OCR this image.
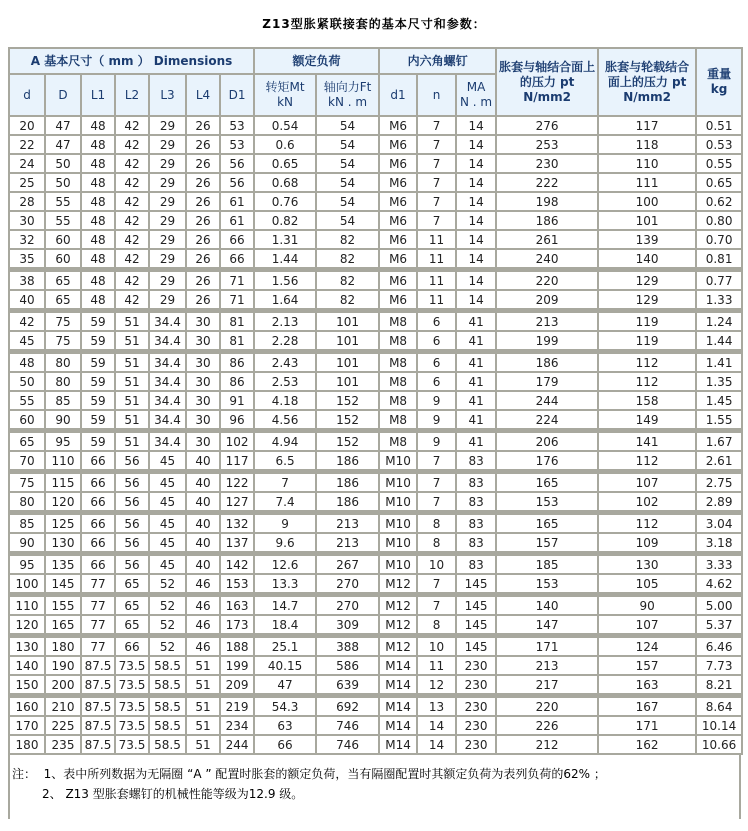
Z13型胀紧联接套的基本尺寸和参数：
A 基本尺寸（ mm ） Dimensions							额定负荷		内六角螺钉			胀套与轴结合面上
的压力 pt
N/mm2	胀套与轮载结合
面上的压力 pt
N/mm2	重量
kg

d	D	L1	L2	L3	L4	D1	转矩Mt
kN	轴向力Ft
kN . m	d1	n	MA
N . m			

20	47	48	42	29	26	53	0.54	54	M6	7	14	276	117	0.51
22	47	48	42	29	26	53	0.6	54	M6	7	14	253	118	0.53
24	50	48	42	29	26	56	0.65	54	M6	7	14	230	110	0.55
25	50	48	42	29	26	56	0.68	54	M6	7	14	222	111	0.65
28	55	48	42	29	26	61	0.76	54	M6	7	14	198	100	0.62
30	55	48	42	29	26	61	0.82	54	M6	7	14	186	101	0.80
32	60	48	42	29	26	66	1.31	82	M6	11	14	261	139	0.70
35	60	48	42	29	26	66	1.44	82	M6	11	14	240	140	0.81

38	65	48	42	29	26	71	1.56	82	M6	11	14	220	129	0.77
40	65	48	42	29	26	71	1.64	82	M6	11	14	209	129	1.33

42	75	59	51	34.4	30	81	2.13	101	M8	6	41	213	119	1.24
45	75	59	51	34.4	30	81	2.28	101	M8	6	41	199	119	1.44

48	80	59	51	34.4	30	86	2.43	101	M8	6	41	186	112	1.41
50	80	59	51	34.4	30	86	2.53	101	M8	6	41	179	112	1.35
55	85	59	51	34.4	30	91	4.18	152	M8	9	41	244	158	1.45
60	90	59	51	34.4	30	96	4.56	152	M8	9	41	224	149	1.55

65	95	59	51	34.4	30	102	4.94	152	M8	9	41	206	141	1.67
70	110	66	56	45	40	117	6.5	186	M10	7	83	176	112	2.61

75	115	66	56	45	40	122	7	186	M10	7	83	165	107	2.75
80	120	66	56	45	40	127	7.4	186	M10	7	83	153	102	2.89

85	125	66	56	45	40	132	9	213	M10	8	83	165	112	3.04
90	130	66	56	45	40	137	9.6	213	M10	8	83	157	109	3.18

95	135	66	56	45	40	142	12.6	267	M10	10	83	185	130	3.33
100	145	77	65	52	46	153	13.3	270	M12	7	145	153	105	4.62

110	155	77	65	52	46	163	14.7	270	M12	7	145	140	90	5.00
120	165	77	65	52	46	173	18.4	309	M12	8	145	147	107	5.37

130	180	77	66	52	46	188	25.1	388	M12	10	145	171	124	6.46
140	190	87.5	73.5	58.5	51	199	40.15	586	M14	11	230	213	157	7.73
150	200	87.5	73.5	58.5	51	209	47	639	M14	12	230	217	163	8.21

160	210	87.5	73.5	58.5	51	219	54.3	692	M14	13	230	220	167	8.64
170	225	87.5	73.5	58.5	51	234	63	746	M14	14	230	226	171	10.14
180	235	87.5	73.5	58.5	51	244	66	746	M14	14	230	212	162	10.66
注： 1、表中所列数据为无隔圈 “A ” 配置时胀套的额定负荷，当有隔圈配置时其额定负荷为表列负荷的62% ；
2、 Z13 型胀套螺钉的机械性能等级为12.9 级。
